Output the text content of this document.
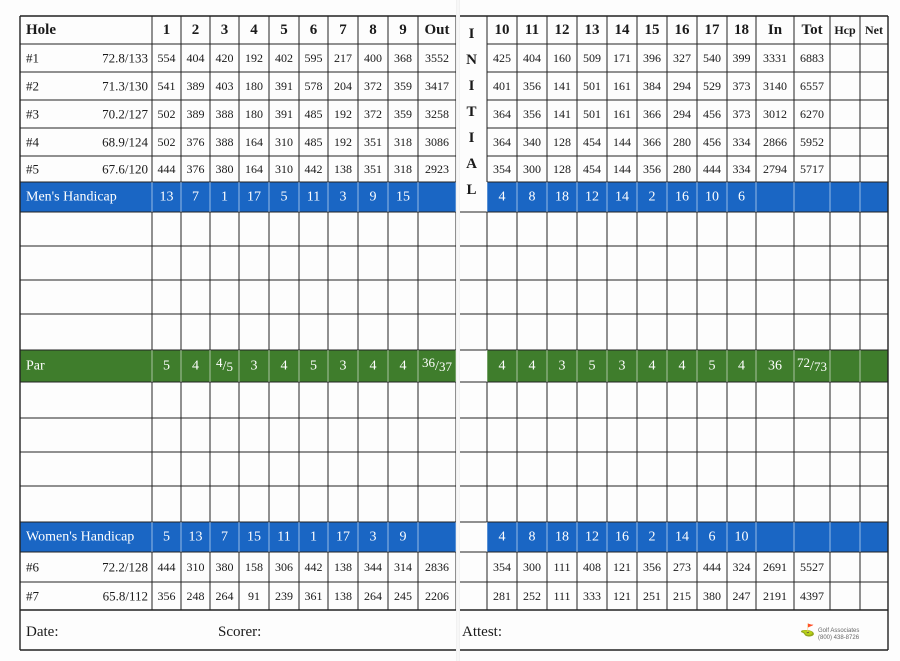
Hole	1 2 3 4 5 6 7 8 9 Out	10 11 12 13 14 15 16 17 18 In Tot Hcp Net
I
N
I
T
I
A
L
#1	72.8/133 554 404 420 192 402 595 217 400 368 3552	425 404 160 509 171 396 327 540 399 3331 6883
#2	71.3/130 541 389 403 180 391 578 204 372 359 3417	401 356 141 501 161 384 294 529 373 3140 6557
#3	70.2/127 502 389 388 180 391 485 192 372 359 3258	364 356 141 501 161 366 294 456 373 3012 6270
#4	68.9/124 502 376 388 164 310 485 192 351 318 3086	364 340 128 454 144 366 280 456 334 2866 5952
#5	67.6/120 444 376 380 164 310 442 138 351 318 2923	354 300 128 454 144 356 280 444 334 2794 5717
Men's Handicap	13 7 1 17 5 11 3 9 15	4 8 18 12 14 2 16 10 6
Par	5 4 4/5 3 4 5 3 4 4 36/37	4 4 3 5 3 4 4 5 4 36 72/73
Women's Handicap 5 13 7 15 11 1 17 3 9	4 8 18 12 16 2 14 6 10
#6	72.2/128 444 310 380 158 306 442 138 344 314 2836	354 300 111 408 121 356 273 444 324 2691 5527
#7	65.8/112 356 248 264 91 239 361 138 264 245 2206	281 252 111 333 121 251 215 380 247 2191 4397
Date:	Scorer:	Attest:	⛳ Golf Associates
(800) 438-8726
